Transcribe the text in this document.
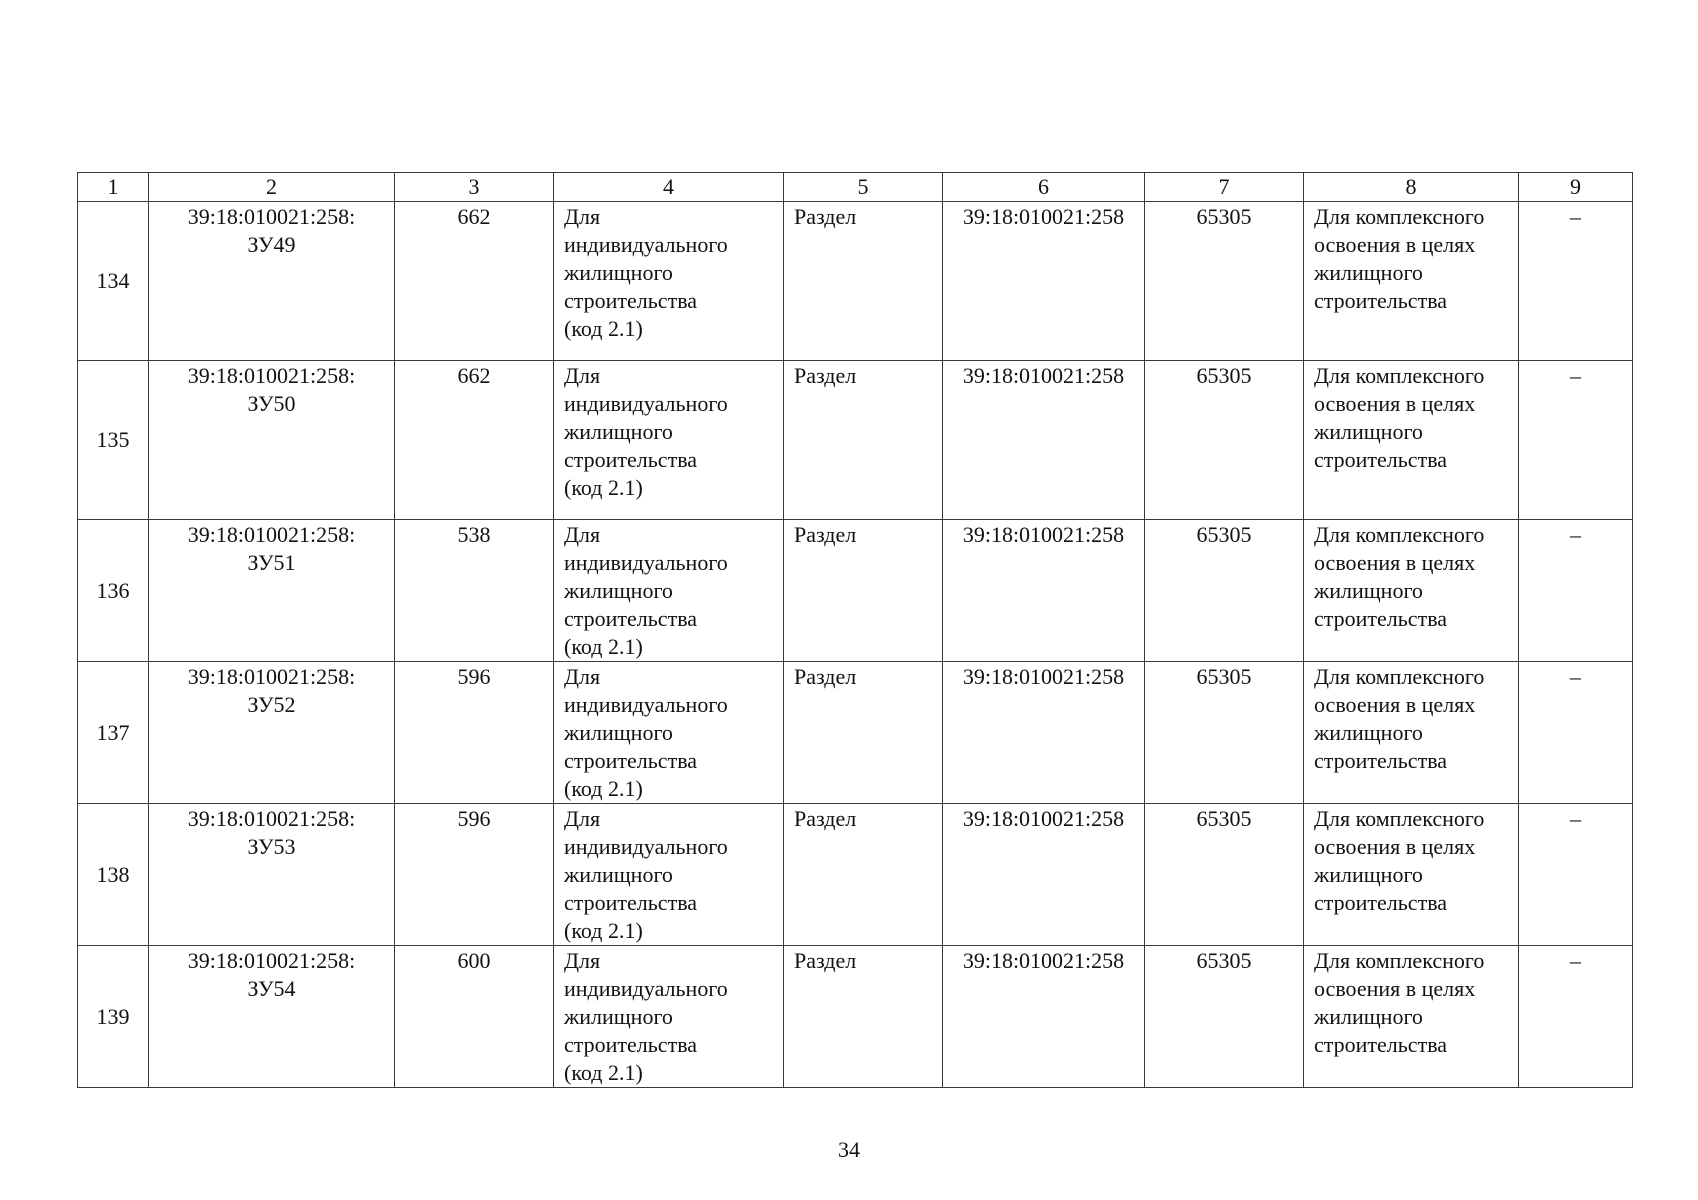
1	2	3	4	5	6	7	8	9
134	39:18:010021:258:
ЗУ49	662	Для
индивидуального
жилищного
строительства
(код 2.1)	Раздел	39:18:010021:258	65305	Для комплексного
освоения в целях
жилищного
строительства	–
135	39:18:010021:258:
ЗУ50	662	Для
индивидуального
жилищного
строительства
(код 2.1)	Раздел	39:18:010021:258	65305	Для комплексного
освоения в целях
жилищного
строительства	–
136	39:18:010021:258:
ЗУ51	538	Для
индивидуального
жилищного
строительства
(код 2.1)	Раздел	39:18:010021:258	65305	Для комплексного
освоения в целях
жилищного
строительства	–
137	39:18:010021:258:
ЗУ52	596	Для
индивидуального
жилищного
строительства
(код 2.1)	Раздел	39:18:010021:258	65305	Для комплексного
освоения в целях
жилищного
строительства	–
138	39:18:010021:258:
ЗУ53	596	Для
индивидуального
жилищного
строительства
(код 2.1)	Раздел	39:18:010021:258	65305	Для комплексного
освоения в целях
жилищного
строительства	–
139	39:18:010021:258:
ЗУ54	600	Для
индивидуального
жилищного
строительства
(код 2.1)	Раздел	39:18:010021:258	65305	Для комплексного
освоения в целях
жилищного
строительства	–
34
